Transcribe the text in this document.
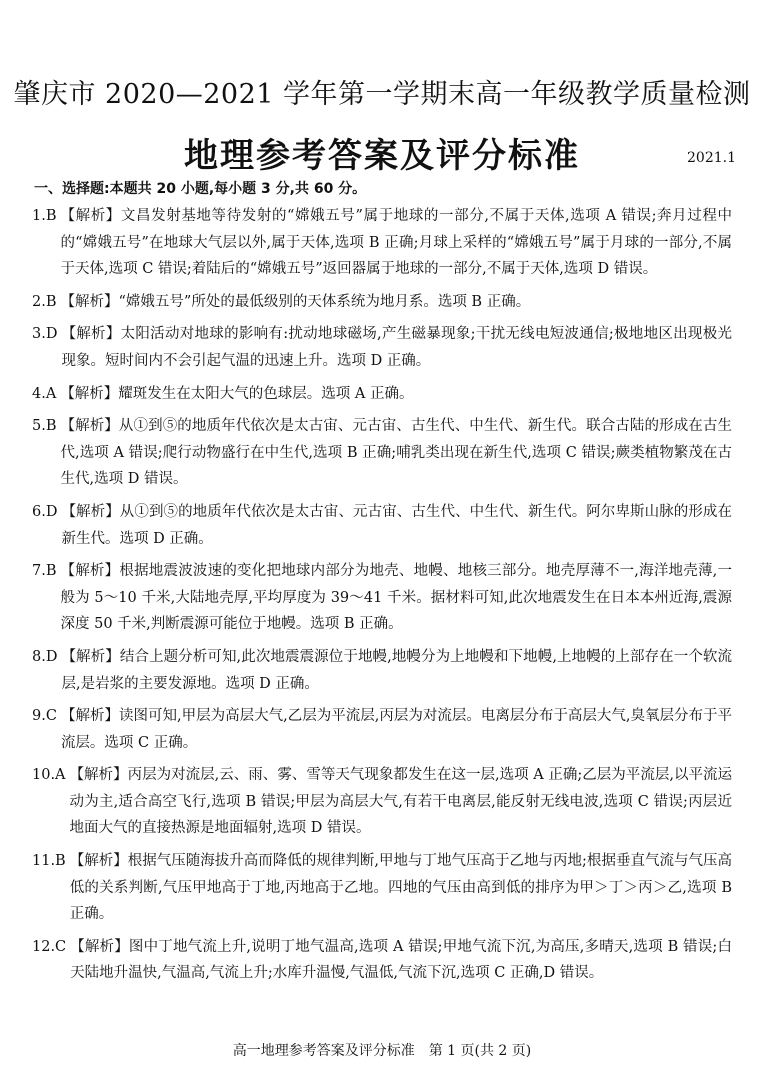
肇庆市 2020—2021 学年第一学期末高一年级教学质量检测
地理参考答案及评分标准	2021.1
一、选择题:本题共 20 小题,每小题 3 分,共 60 分。
1.B 【解析】文昌发射基地等待发射的“嫦娥五号”属于地球的一部分,不属于天体,选项 A 错误;奔月过程中的“嫦娥五号”在地球大气层以外,属于天体,选项 B 正确;月球上采样的“嫦娥五号”属于月球的一部分,不属于天体,选项 C 错误;着陆后的“嫦娥五号”返回器属于地球的一部分,不属于天体,选项 D 错误。
2.B 【解析】“嫦娥五号”所处的最低级别的天体系统为地月系。选项 B 正确。
3.D 【解析】太阳活动对地球的影响有:扰动地球磁场,产生磁暴现象;干扰无线电短波通信;极地地区出现极光现象。短时间内不会引起气温的迅速上升。选项 D 正确。
4.A 【解析】耀斑发生在太阳大气的色球层。选项 A 正确。
5.B 【解析】从①到⑤的地质年代依次是太古宙、元古宙、古生代、中生代、新生代。联合古陆的形成在古生代,选项 A 错误;爬行动物盛行在中生代,选项 B 正确;哺乳类出现在新生代,选项 C 错误;蕨类植物繁茂在古生代,选项 D 错误。
6.D 【解析】从①到⑤的地质年代依次是太古宙、元古宙、古生代、中生代、新生代。阿尔卑斯山脉的形成在新生代。选项 D 正确。
7.B 【解析】根据地震波波速的变化把地球内部分为地壳、地幔、地核三部分。地壳厚薄不一,海洋地壳薄,一般为 5～10 千米,大陆地壳厚,平均厚度为 39～41 千米。据材料可知,此次地震发生在日本本州近海,震源深度 50 千米,判断震源可能位于地幔。选项 B 正确。
8.D 【解析】结合上题分析可知,此次地震震源位于地幔,地幔分为上地幔和下地幔,上地幔的上部存在一个软流层,是岩浆的主要发源地。选项 D 正确。
9.C 【解析】读图可知,甲层为高层大气,乙层为平流层,丙层为对流层。电离层分布于高层大气,臭氧层分布于平流层。选项 C 正确。
10.A 【解析】丙层为对流层,云、雨、雾、雪等天气现象都发生在这一层,选项 A 正确;乙层为平流层,以平流运动为主,适合高空飞行,选项 B 错误;甲层为高层大气,有若干电离层,能反射无线电波,选项 C 错误;丙层近地面大气的直接热源是地面辐射,选项 D 错误。
11.B 【解析】根据气压随海拔升高而降低的规律判断,甲地与丁地气压高于乙地与丙地;根据垂直气流与气压高低的关系判断,气压甲地高于丁地,丙地高于乙地。四地的气压由高到低的排序为甲＞丁＞丙＞乙,选项 B 正确。
12.C 【解析】图中丁地气流上升,说明丁地气温高,选项 A 错误;甲地气流下沉,为高压,多晴天,选项 B 错误;白天陆地升温快,气温高,气流上升;水库升温慢,气温低,气流下沉,选项 C 正确,D 错误。
高一地理参考答案及评分标准　第 1 页(共 2 页)
